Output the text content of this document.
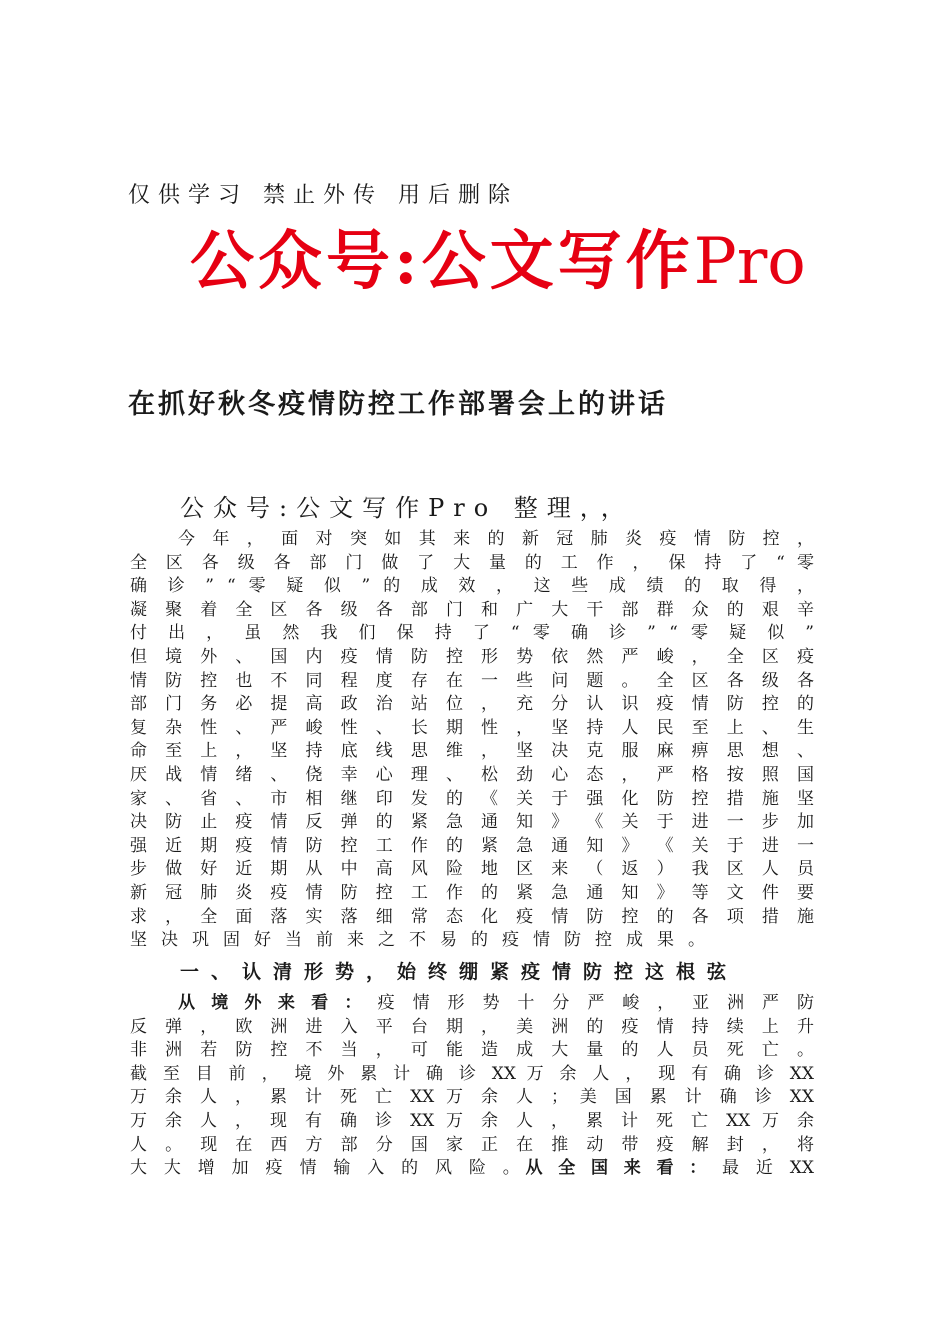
仅供学习 禁止外传 用后删除
公众号:公文写作Pro
在抓好秋冬疫情防控工作部署会上的讲话
公众号:公文写作Pro 整理，，
今 年 ， 面 对 突 如 其 来 的 新 冠 肺 炎 疫 情 防 控 ，
全 区 各 级 各 部 门 做 了 大 量 的 工 作 ， 保 持 了 “ 零
确 诊 ” “ 零 疑 似 ” 的 成 效 ， 这 些 成 绩 的 取 得 ，
凝 聚 着 全 区 各 级 各 部 门 和 广 大 干 部 群 众 的 艰 辛
付 出 ， 虽 然 我 们 保 持 了 “ 零 确 诊 ” “ 零 疑 似 ”
但 境 外 、 国 内 疫 情 防 控 形 势 依 然 严 峻 ， 全 区 疫
情 防 控 也 不 同 程 度 存 在 一 些 问 题 。 全 区 各 级 各
部 门 务 必 提 高 政 治 站 位 ， 充 分 认 识 疫 情 防 控 的
复 杂 性 、 严 峻 性 、 长 期 性 ， 坚 持 人 民 至 上 、 生
命 至 上 ， 坚 持 底 线 思 维 ， 坚 决 克 服 麻 痹 思 想 、
厌 战 情 绪 、 侥 幸 心 理 、 松 劲 心 态 ， 严 格 按 照 国
家 、 省 、 市 相 继 印 发 的 《 关 于 强 化 防 控 措 施 坚
决 防 止 疫 情 反 弹 的 紧 急 通 知 》 《 关 于 进 一 步 加
强 近 期 疫 情 防 控 工 作 的 紧 急 通 知 》 《 关 于 进 一
步 做 好 近 期 从 中 高 风 险 地 区 来 （ 返 ） 我 区 人 员
新 冠 肺 炎 疫 情 防 控 工 作 的 紧 急 通 知 》 等 文 件 要
求 ， 全 面 落 实 落 细 常 态 化 疫 情 防 控 的 各 项 措 施
坚决巩固好当前来之不易的疫情防控成果。
一、认清形势，始终绷紧疫情防控这根弦
从境外来看：疫 情 形 势 十 分 严 峻 ， 亚 洲 严 防
反 弹 ， 欧 洲 进 入 平 台 期 ， 美 洲 的 疫 情 持 续 上 升
非 洲 若 防 控 不 当 ， 可 能 造 成 大 量 的 人 员 死 亡 。
截 至 目 前 ， 境 外 累 计 确 诊 XX 万 余 人 ， 现 有 确 诊 XX
万 余 人 ， 累 计 死 亡 XX 万 余 人 ； 美 国 累 计 确 诊 XX
万 余 人 ， 现 有 确 诊 XX 万 余 人 ， 累 计 死 亡 XX 万 余
人 。 现 在 西 方 部 分 国 家 正 在 推 动 带 疫 解 封 ， 将
大 大 增 加 疫 情 输 入 的 风 险 。从全国来看：最 近 XX
